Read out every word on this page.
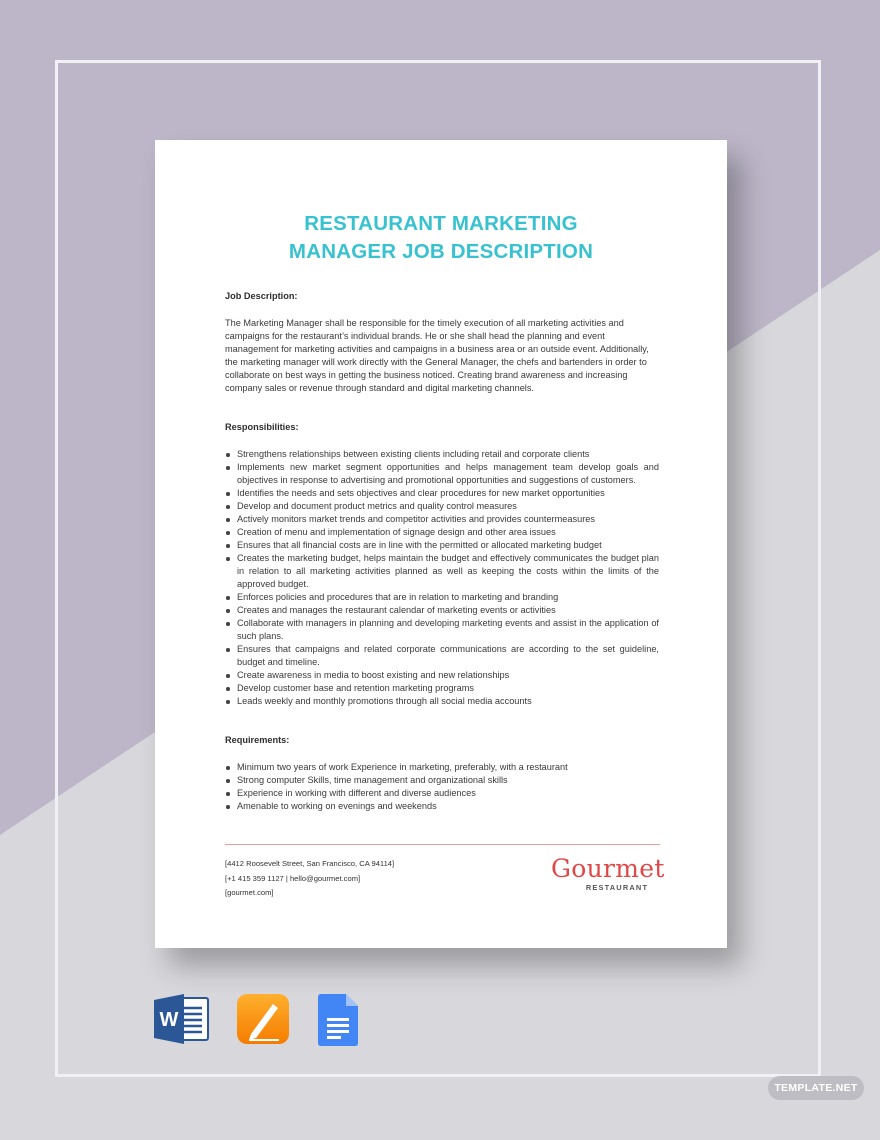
RESTAURANT MARKETING
MANAGER JOB DESCRIPTION

Job Description:

The Marketing Manager shall be responsible for the timely execution of all marketing activities and campaigns for the restaurant’s individual brands. He or she shall head the planning and event management for marketing activities and campaigns in a business area or an outside event. Additionally, the marketing manager will work directly with the General Manager, the chefs and bartenders in order to collaborate on best ways in getting the business noticed. Creating brand awareness and increasing company sales or revenue through standard and digital marketing channels.

Responsibilities:

Strengthens relationships between existing clients including retail and corporate clients
Implements new market segment opportunities and helps management team develop goals and objectives in response to advertising and promotional opportunities and suggestions of customers.
Identifies the needs and sets objectives and clear procedures for new market opportunities
Develop and document product metrics and quality control measures
Actively monitors market trends and competitor activities and provides countermeasures
Creation of menu and implementation of signage design and other area issues
Ensures that all financial costs are in line with the permitted or allocated marketing budget
Creates the marketing budget, helps maintain the budget and effectively communicates the budget plan in relation to all marketing activities planned as well as keeping the costs within the limits of the approved budget.
Enforces policies and procedures that are in relation to marketing and branding
Creates and manages the restaurant calendar of marketing events or activities
Collaborate with managers in planning and developing marketing events and assist in the application of such plans.
Ensures that campaigns and related corporate communications are according to the set guideline, budget and timeline.
Create awareness in media to boost existing and new relationships
Develop customer base and retention marketing programs
Leads weekly and monthly promotions through all social media accounts

Requirements:

Minimum two years of work Experience in marketing, preferably, with a restaurant
Strong computer Skills, time management and organizational skills
Experience in working with different and diverse audiences
Amenable to working on evenings and weekends
[4412 Roosevelt Street, San Francisco, CA 94114]
[+1 415 359 1127 | hello@gourmet.com]
[gourmet.com]
Gourmet
RESTAURANT
W
TEMPLATE.NET
